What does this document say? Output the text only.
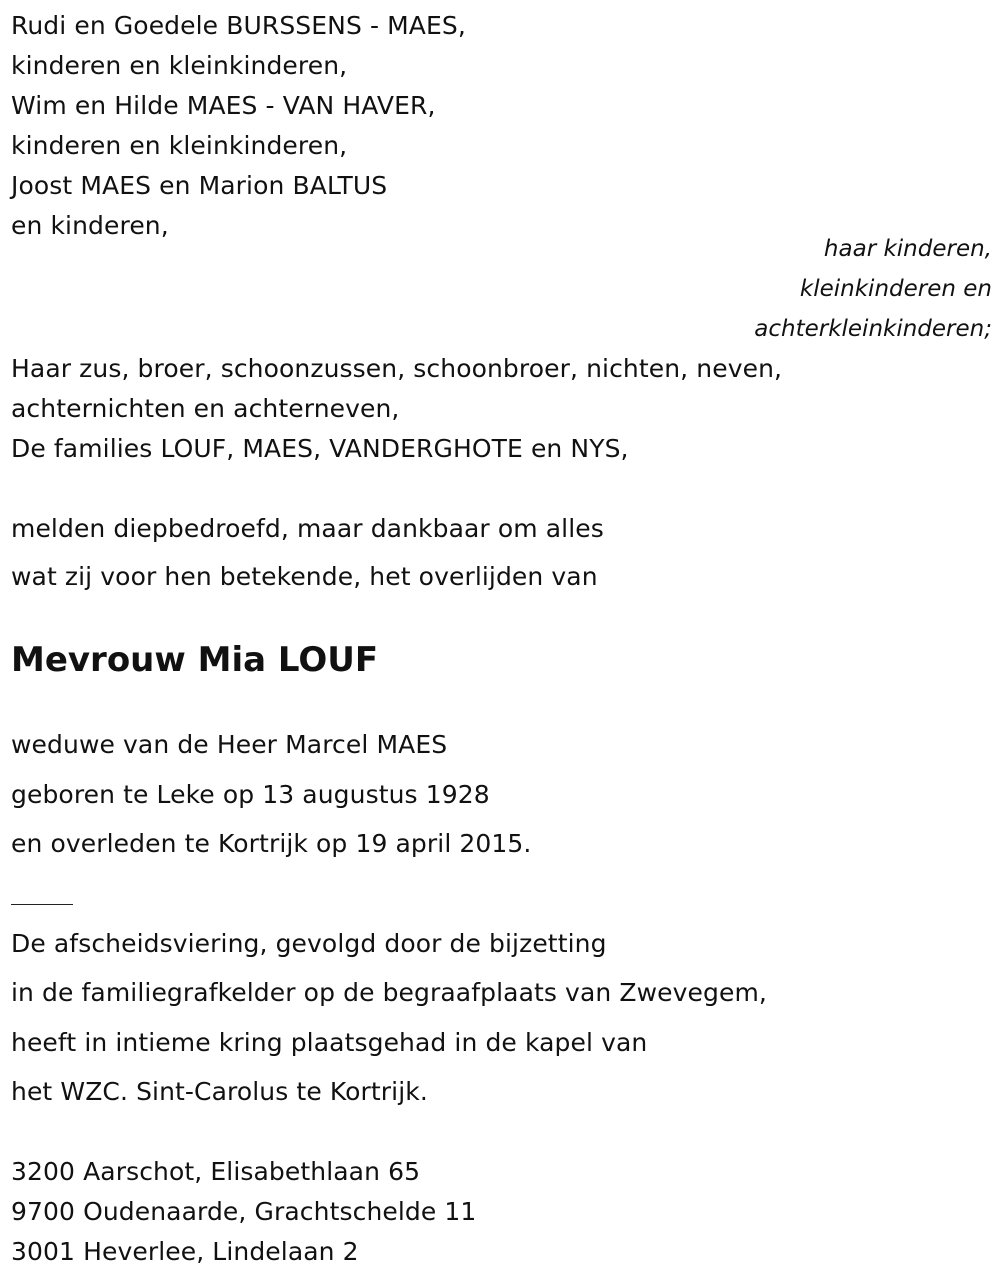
Rudi en Goedele BURSSENS - MAES,
kinderen en kleinkinderen,
Wim en Hilde MAES - VAN HAVER,
kinderen en kleinkinderen,
Joost MAES en Marion BALTUS
en kinderen,
haar kinderen,
kleinkinderen en
achterkleinkinderen;
Haar zus, broer, schoonzussen, schoonbroer, nichten, neven,
achternichten en achterneven,
De families LOUF, MAES, VANDERGHOTE en NYS,
melden diepbedroefd, maar dankbaar om alles
wat zij voor hen betekende, het overlijden van
Mevrouw Mia LOUF
weduwe van de Heer Marcel MAES
geboren te Leke op 13 augustus 1928
en overleden te Kortrijk op 19 april 2015.
De afscheidsviering, gevolgd door de bijzetting
in de familiegrafkelder op de begraafplaats van Zwevegem,
heeft in intieme kring plaatsgehad in de kapel van
het WZC. Sint-Carolus te Kortrijk.
3200 Aarschot, Elisabethlaan 65
9700 Oudenaarde, Grachtschelde 11
3001 Heverlee, Lindelaan 2
